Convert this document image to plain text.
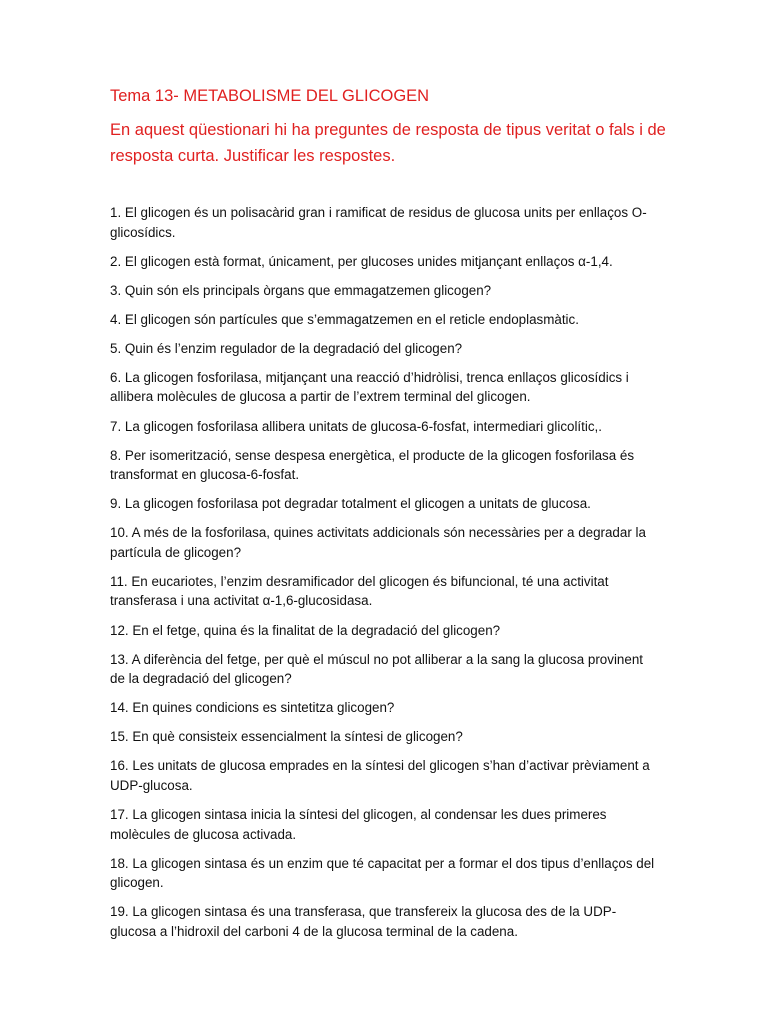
Tema 13- METABOLISME DEL GLICOGEN
En aquest qüestionari hi ha preguntes de resposta de tipus veritat o fals i de resposta curta. Justificar les respostes.
1. El glicogen és un polisacàrid gran i ramificat de residus de glucosa units per enllaços O-glicosídics.
2. El glicogen està format, únicament, per glucoses unides mitjançant enllaços α-1,4.
3. Quin són els principals òrgans que emmagatzemen glicogen?
4. El glicogen són partícules que s’emmagatzemen en el reticle endoplasmàtic.
5. Quin és l’enzim regulador de la degradació del glicogen?
6. La glicogen fosforilasa, mitjançant una reacció d’hidròlisi, trenca enllaços glicosídics i allibera molècules de glucosa a partir de l’extrem terminal del glicogen.
7. La glicogen fosforilasa allibera unitats de glucosa-6-fosfat, intermediari glicolític,.
8. Per isomerització, sense despesa energètica, el producte de la glicogen fosforilasa és transformat en glucosa-6-fosfat.
9. La glicogen fosforilasa pot degradar totalment el glicogen a unitats de glucosa.
10. A més de la fosforilasa, quines activitats addicionals són necessàries per a degradar la partícula de glicogen?
11. En eucariotes, l’enzim desramificador del glicogen és bifuncional, té una activitat transferasa i una activitat α-1,6-glucosidasa.
12. En el fetge, quina és la finalitat de la degradació del glicogen?
13. A diferència del fetge, per què el múscul no pot alliberar a la sang la glucosa provinent de la degradació del glicogen?
14. En quines condicions es sintetitza glicogen?
15. En què consisteix essencialment la síntesi de glicogen?
16. Les unitats de glucosa emprades en la síntesi del glicogen s’han d’activar prèviament a UDP-glucosa.
17. La glicogen sintasa inicia la síntesi del glicogen, al condensar les dues primeres molècules de glucosa activada.
18. La glicogen sintasa és un enzim que té capacitat per a formar el dos tipus d’enllaços del glicogen.
19. La glicogen sintasa és una transferasa, que transfereix la glucosa des de la UDP-glucosa a l’hidroxil del carboni 4 de la glucosa terminal de la cadena.
